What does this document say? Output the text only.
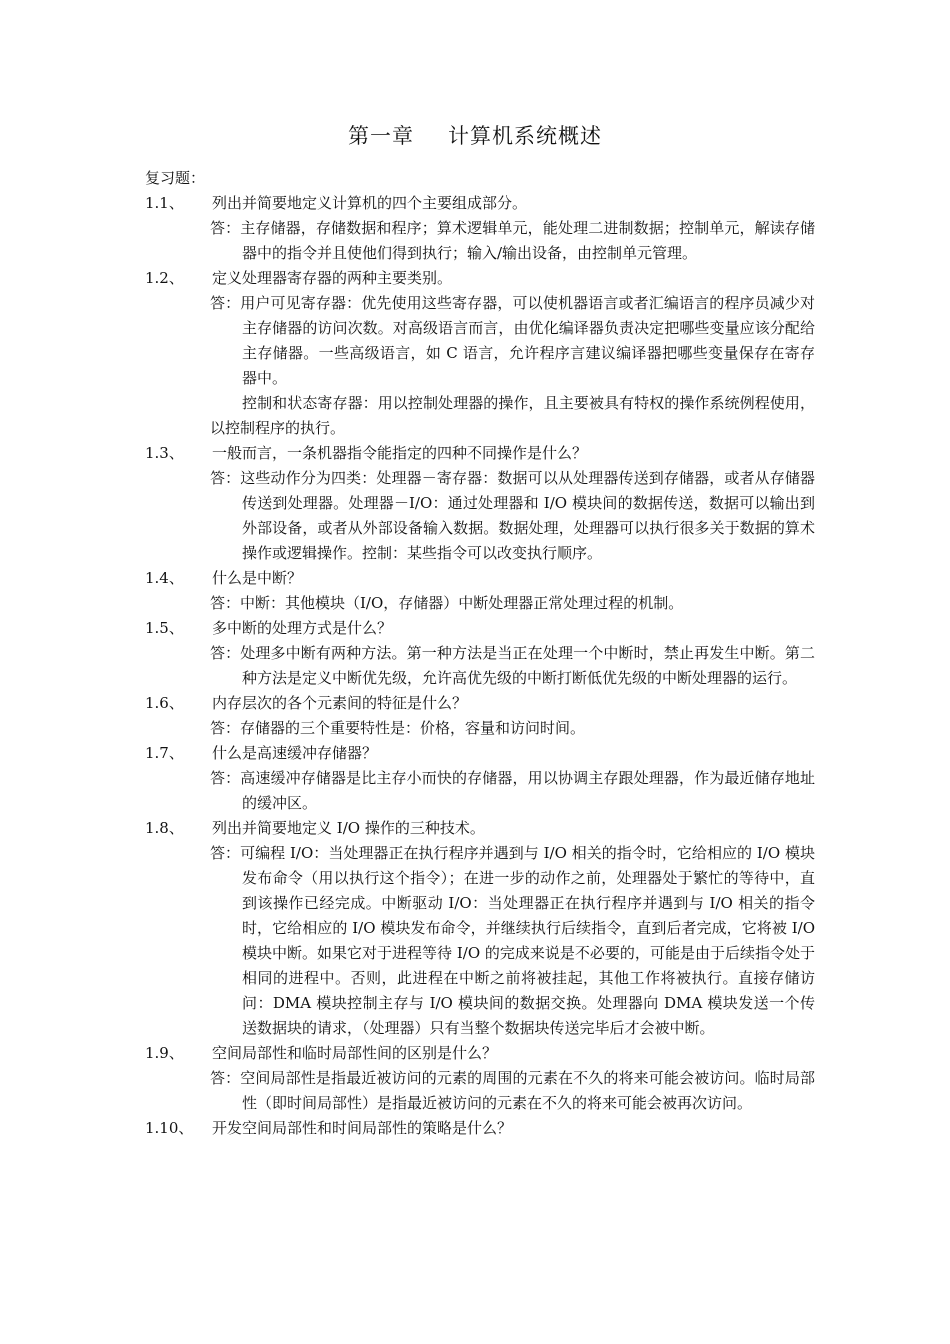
第一章 计算机系统概述
复习题：
1.1、 列出并简要地定义计算机的四个主要组成部分。
答：主存储器，存储数据和程序；算术逻辑单元，能处理二进制数据；控制单元，解读存储器中的指令并且使他们得到执行；输入/输出设备，由控制单元管理。
1.2、 定义处理器寄存器的两种主要类别。
答：用户可见寄存器：优先使用这些寄存器，可以使机器语言或者汇编语言的程序员减少对主存储器的访问次数。对高级语言而言，由优化编译器负责决定把哪些变量应该分配给主存储器。一些高级语言，如 C 语言，允许程序言建议编译器把哪些变量保存在寄存器中。
控制和状态寄存器：用以控制处理器的操作，且主要被具有特权的操作系统例程使用，以控制程序的执行。
1.3、 一般而言，一条机器指令能指定的四种不同操作是什么？
答：这些动作分为四类：处理器－寄存器：数据可以从处理器传送到存储器，或者从存储器传送到处理器。处理器－I/O：通过处理器和 I/O 模块间的数据传送，数据可以输出到外部设备，或者从外部设备输入数据。数据处理，处理器可以执行很多关于数据的算术操作或逻辑操作。控制：某些指令可以改变执行顺序。
1.4、 什么是中断？
答：中断：其他模块（I/O，存储器）中断处理器正常处理过程的机制。
1.5、 多中断的处理方式是什么？
答：处理多中断有两种方法。第一种方法是当正在处理一个中断时，禁止再发生中断。第二种方法是定义中断优先级，允许高优先级的中断打断低优先级的中断处理器的运行。
1.6、 内存层次的各个元素间的特征是什么？
答：存储器的三个重要特性是：价格，容量和访问时间。
1.7、 什么是高速缓冲存储器？
答：高速缓冲存储器是比主存小而快的存储器，用以协调主存跟处理器，作为最近储存地址的缓冲区。
1.8、 列出并简要地定义 I/O 操作的三种技术。
答：可编程 I/O：当处理器正在执行程序并遇到与 I/O 相关的指令时，它给相应的 I/O 模块发布命令（用以执行这个指令）；在进一步的动作之前，处理器处于繁忙的等待中，直到该操作已经完成。中断驱动 I/O：当处理器正在执行程序并遇到与 I/O 相关的指令时，它给相应的 I/O 模块发布命令，并继续执行后续指令，直到后者完成，它将被 I/O 模块中断。如果它对于进程等待 I/O 的完成来说是不必要的，可能是由于后续指令处于相同的进程中。否则，此进程在中断之前将被挂起，其他工作将被执行。直接存储访问：DMA 模块控制主存与 I/O 模块间的数据交换。处理器向 DMA 模块发送一个传送数据块的请求，（处理器）只有当整个数据块传送完毕后才会被中断。
1.9、 空间局部性和临时局部性间的区别是什么？
答：空间局部性是指最近被访问的元素的周围的元素在不久的将来可能会被访问。临时局部性（即时间局部性）是指最近被访问的元素在不久的将来可能会被再次访问。
1.10、 开发空间局部性和时间局部性的策略是什么？
